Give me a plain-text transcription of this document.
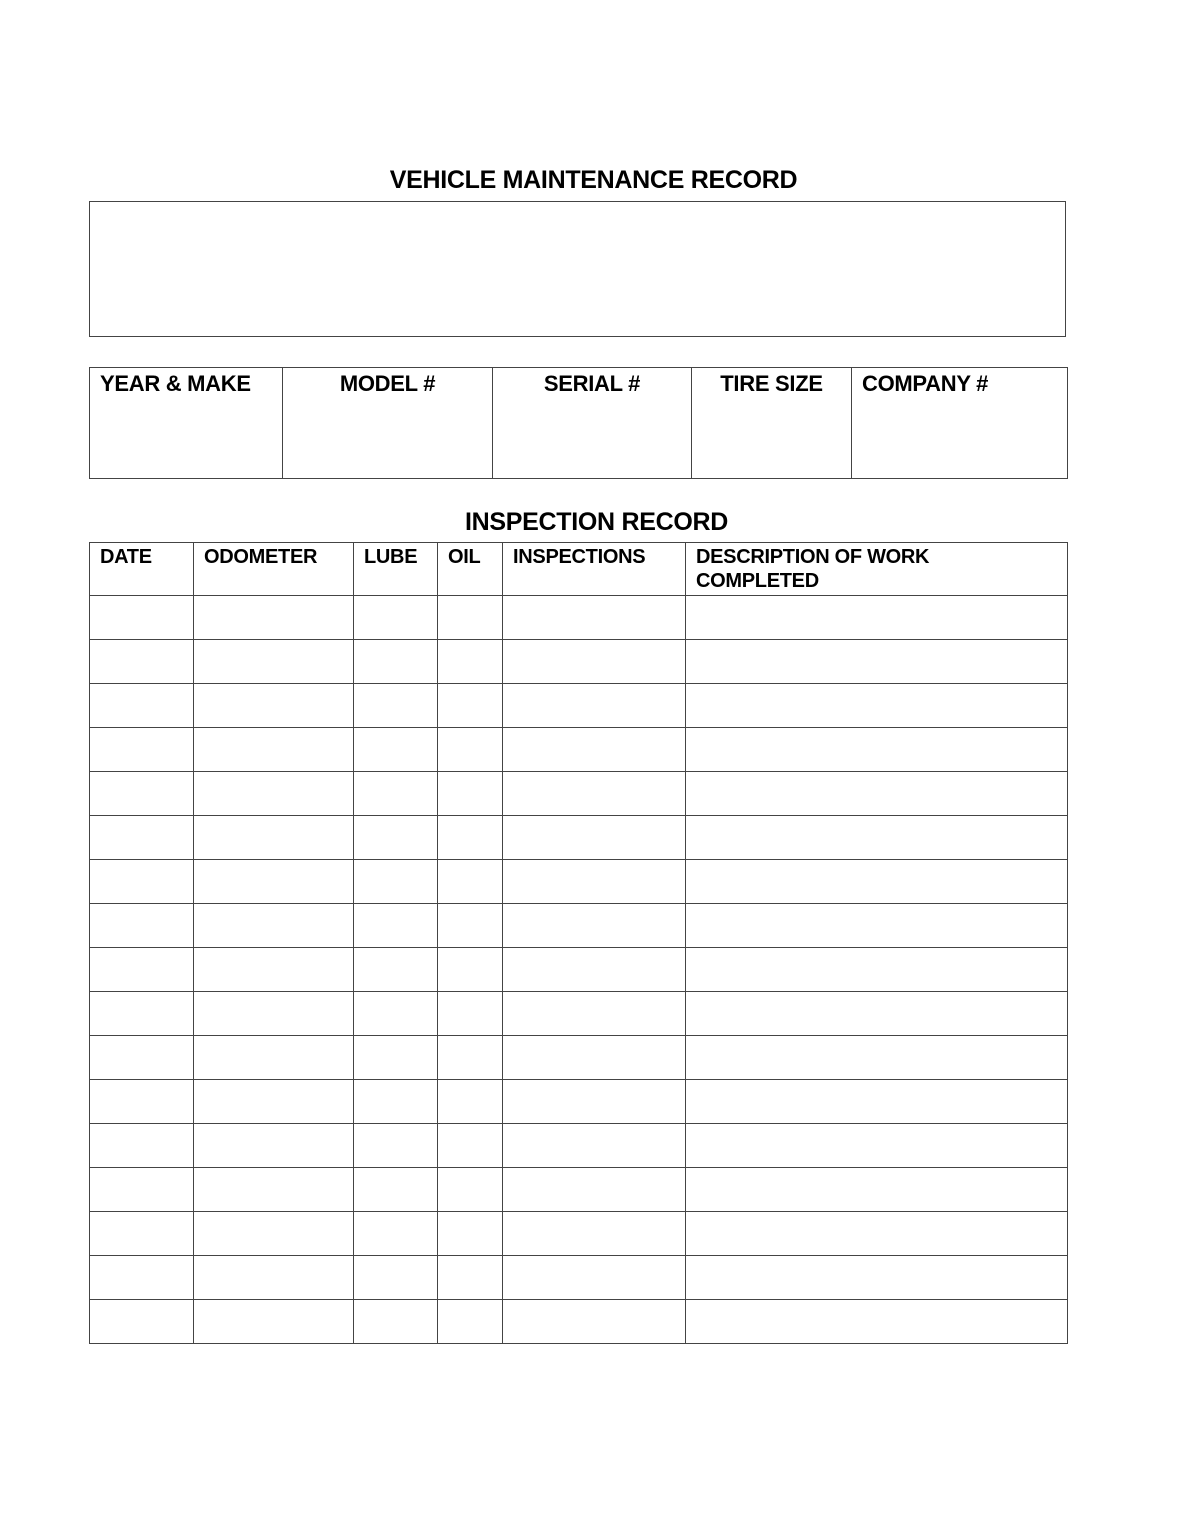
VEHICLE MAINTENANCE RECORD
YEAR & MAKE	MODEL #	SERIAL #	TIRE SIZE	COMPANY #
INSPECTION RECORD
DATE	ODOMETER	LUBE	OIL	INSPECTIONS	DESCRIPTION OF WORK COMPLETED
